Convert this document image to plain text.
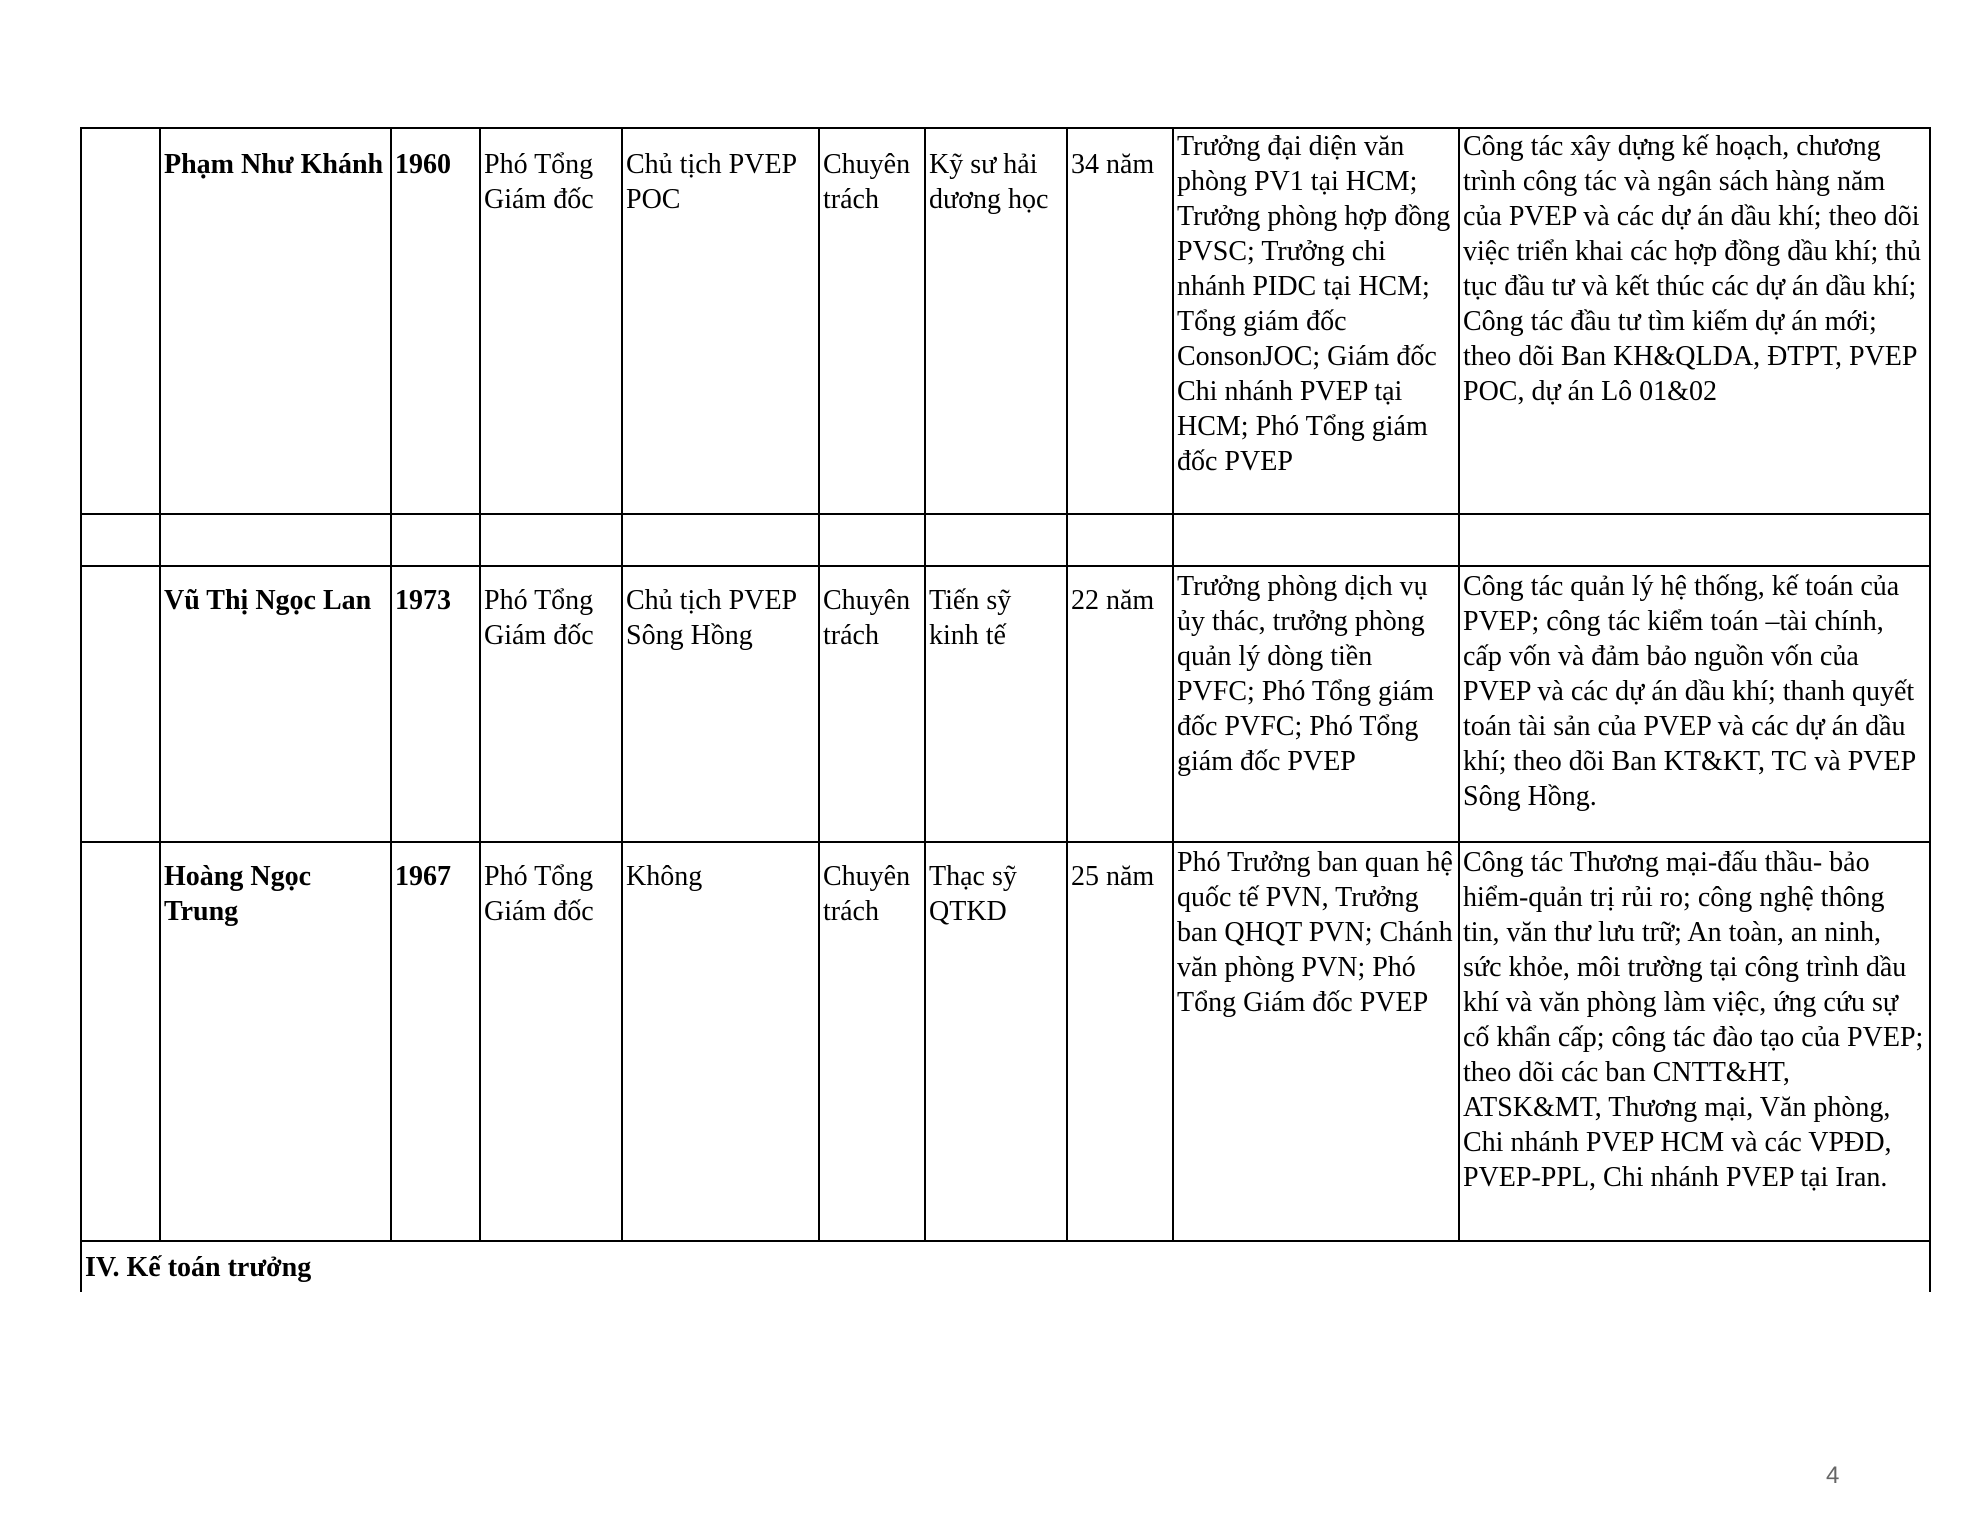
	Phạm Như Khánh	1960	Phó Tổng Giám đốc	Chủ tịch PVEP POC	Chuyên trách	Kỹ sư hải dương học	34 năm	Trưởng đại diện văn phòng PV1 tại HCM; Trưởng phòng hợp đồng PVSC; Trưởng chi nhánh PIDC tại HCM; Tổng giám đốc ConsonJOC; Giám đốc Chi nhánh PVEP tại HCM; Phó Tổng giám đốc PVEP	Công tác xây dựng kế hoạch, chương trình công tác và ngân sách hàng năm của PVEP và các dự án dầu khí; theo dõi việc triển khai các hợp đồng dầu khí; thủ tục đầu tư và kết thúc các dự án dầu khí; Công tác đầu tư tìm kiếm dự án mới; theo dõi Ban KH&QLDA, ĐTPT, PVEP POC, dự án Lô 01&02

	Vũ Thị Ngọc Lan	1973	Phó Tổng Giám đốc	Chủ tịch PVEP Sông Hồng	Chuyên trách	Tiến sỹ kinh tế	22 năm	Trưởng phòng dịch vụ ủy thác, trưởng phòng quản lý dòng tiền PVFC; Phó Tổng giám đốc PVFC; Phó Tổng giám đốc PVEP	Công tác quản lý hệ thống, kế toán của PVEP; công tác kiểm toán –tài chính, cấp vốn và đảm bảo nguồn vốn của PVEP và các dự án dầu khí; thanh quyết toán tài sản của PVEP và các dự án dầu khí; theo dõi Ban KT&KT, TC và PVEP Sông Hồng.
	Hoàng Ngọc Trung	1967	Phó Tổng Giám đốc	Không	Chuyên trách	Thạc sỹ QTKD	25 năm	Phó Trưởng ban quan hệ quốc tế PVN, Trưởng ban QHQT PVN; Chánh văn phòng PVN; Phó Tổng Giám đốc PVEP	Công tác Thương mại-đấu thầu- bảo hiểm-quản trị rủi ro; công nghệ thông tin, văn thư lưu trữ; An toàn, an ninh, sức khỏe, môi trường tại công trình dầu khí và văn phòng làm việc, ứng cứu sự cố khẩn cấp; công tác đào tạo của PVEP; theo dõi các ban CNTT&HT, ATSK&MT, Thương mại, Văn phòng, Chi nhánh PVEP HCM và các VPĐD, PVEP-PPL, Chi nhánh PVEP tại Iran.

IV. Kế toán trưởng									
4
